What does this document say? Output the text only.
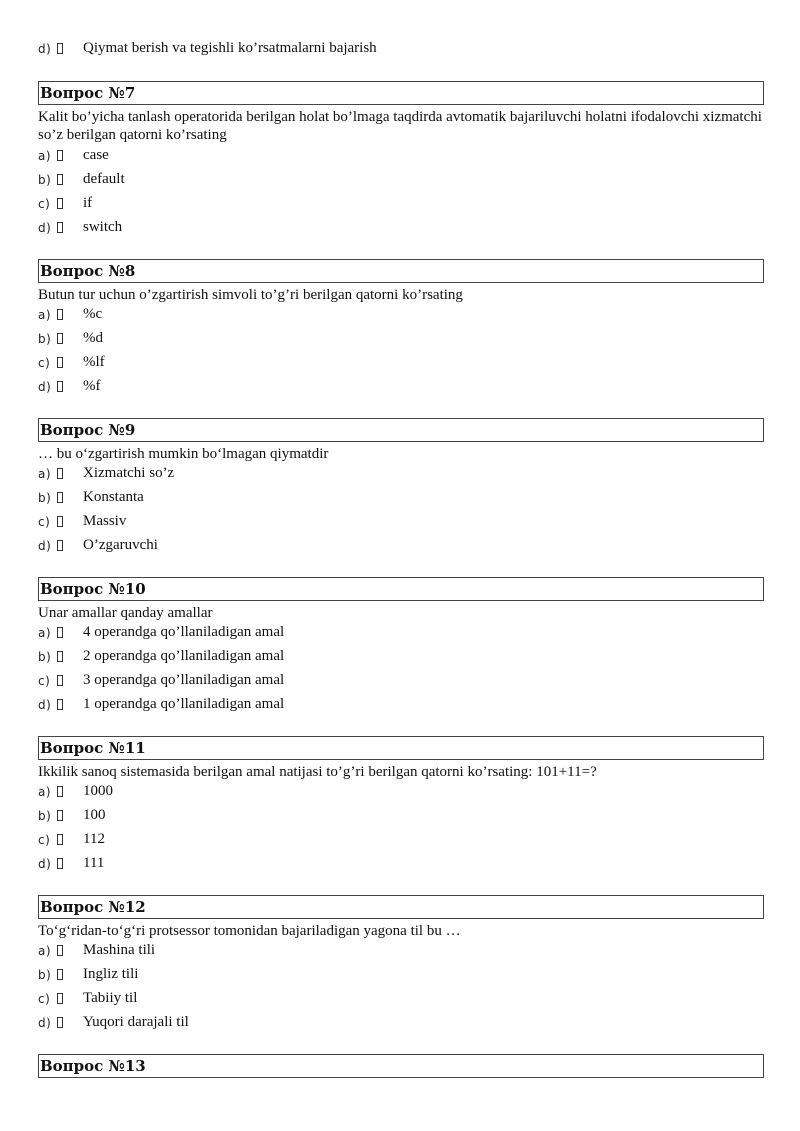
d) Qiymat berish va tegishli ko’rsatmalarni bajarish
Вопрос №7
Kalit bo’yicha tanlash operatorida berilgan holat bo’lmaga taqdirda avtomatik bajariluvchi holatni ifodalovchi xizmatchi so’z berilgan qatorni ko’rsating
a) case
b) default
c) if
d) switch
Вопрос №8
Butun tur uchun o’zgartirish simvoli to’g’ri berilgan qatorni ko’rsating
a) %c
b) %d
c) %lf
d) %f
Вопрос №9
… bu o‘zgartirish mumkin bo‘lmagan qiymatdir
a) Xizmatchi so’z
b) Konstanta
c) Massiv
d) O’zgaruvchi
Вопрос №10
Unar amallar qanday amallar
a) 4 operandga qo’llaniladigan amal
b) 2 operandga qo’llaniladigan amal
c) 3 operandga qo’llaniladigan amal
d) 1 operandga qo’llaniladigan amal
Вопрос №11
Ikkilik sanoq sistemasida berilgan amal natijasi to’g’ri berilgan qatorni ko’rsating: 101+11=?
a) 1000
b) 100
c) 112
d) 111
Вопрос №12
To‘g‘ridan-to‘g‘ri protsessor tomonidan bajariladigan yagona til bu …
a) Mashina tili
b) Ingliz tili
c) Tabiiy til
d) Yuqori darajali til
Вопрос №13
